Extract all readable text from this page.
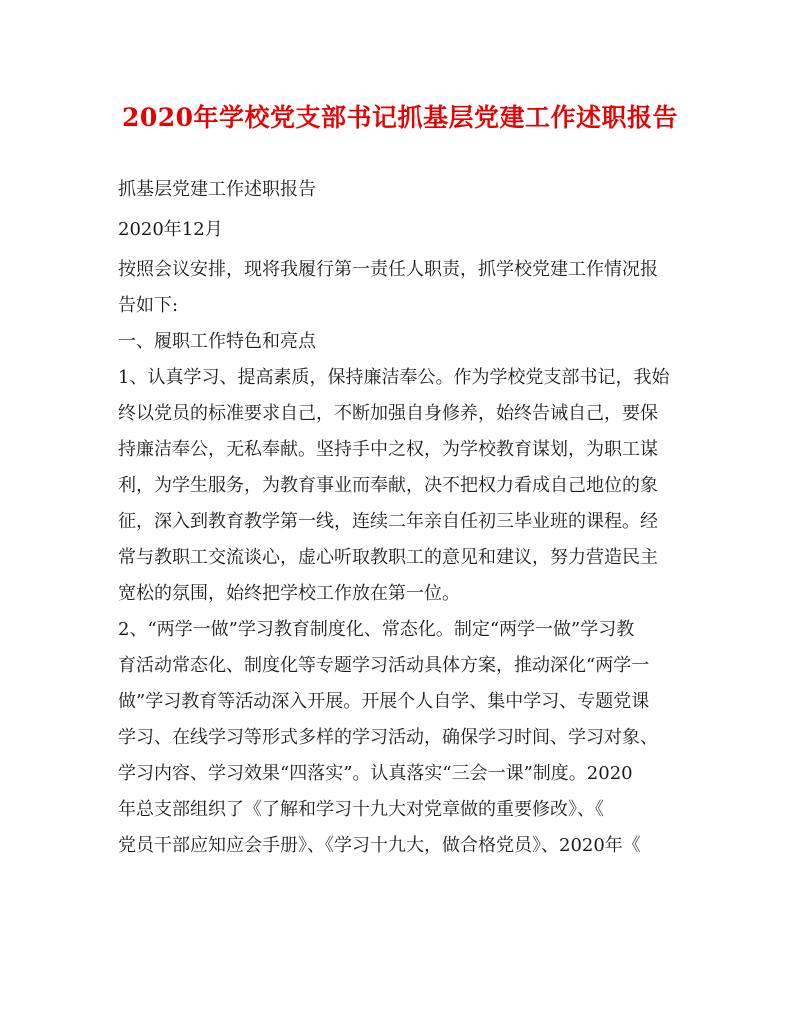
2020年学校党支部书记抓基层党建工作述职报告
抓基层党建工作述职报告
2020年12月
按照会议安排，现将我履行第一责任人职责，抓学校党建工作情况报
告如下:
一、履职工作特色和亮点
1、认真学习、提高素质，保持廉洁奉公。作为学校党支部书记，我始
终以党员的标准要求自己，不断加强自身修养，始终告诫自己，要保
持廉洁奉公，无私奉献。坚持手中之权，为学校教育谋划，为职工谋
利，为学生服务，为教育事业而奉献，决不把权力看成自己地位的象
征，深入到教育教学第一线，连续二年亲自任初三毕业班的课程。经
常与教职工交流谈心，虚心听取教职工的意见和建议，努力营造民主
宽松的氛围，始终把学校工作放在第一位。
2、“两学一做”学习教育制度化、常态化。制定“两学一做”学习教
育活动常态化、制度化等专题学习活动具体方案，推动深化“两学一
做”学习教育等活动深入开展。开展个人自学、集中学习、专题党课
学习、在线学习等形式多样的学习活动，确保学习时间、学习对象、
学习内容、学习效果“四落实”。认真落实“三会一课”制度。2020
年总支部组织了《了解和学习十九大对党章做的重要修改》、《
党员干部应知应会手册》、《学习十九大，做合格党员》、2020年《
